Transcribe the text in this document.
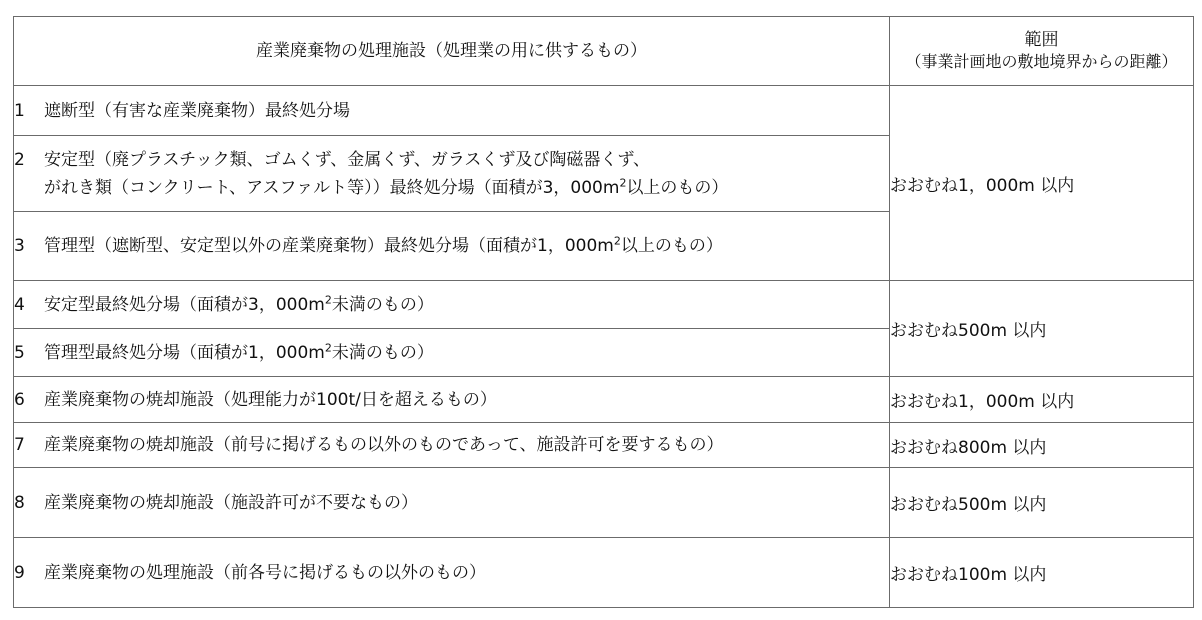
産業廃棄物の処理施設（処理業の用に供するもの）	範囲
（事業計画地の敷地境界からの距離）

1 遮断型（有害な産業廃棄物）最終処分場	おおむね1，000m 以内

2 安定型（廃プラスチック類、ゴムくず、金属くず、ガラスくず及び陶磁器くず、
がれき類（コンクリート、アスファルト等））最終処分場（面積が3，$000m^2$以上のもの）	

3 管理型（遮断型、安定型以外の産業廃棄物）最終処分場（面積が1，$000m^2$以上のもの）	
4 安定型最終処分場（面積が3，$000m^2$未満のもの）	おおむね500m 以内
5 管理型最終処分場（面積が1，$000m^2$未満のもの）	
6 産業廃棄物の焼却施設（処理能力が100t/日を超えるもの）	おおむね1，000m 以内
7 産業廃棄物の焼却施設（前号に掲げるもの以外のものであって、施設許可を要するもの）	おおむね800m 以内
8 産業廃棄物の焼却施設（施設許可が不要なもの）	おおむね500m 以内
9 産業廃棄物の処理施設（前各号に掲げるもの以外のもの）	おおむね100m 以内
